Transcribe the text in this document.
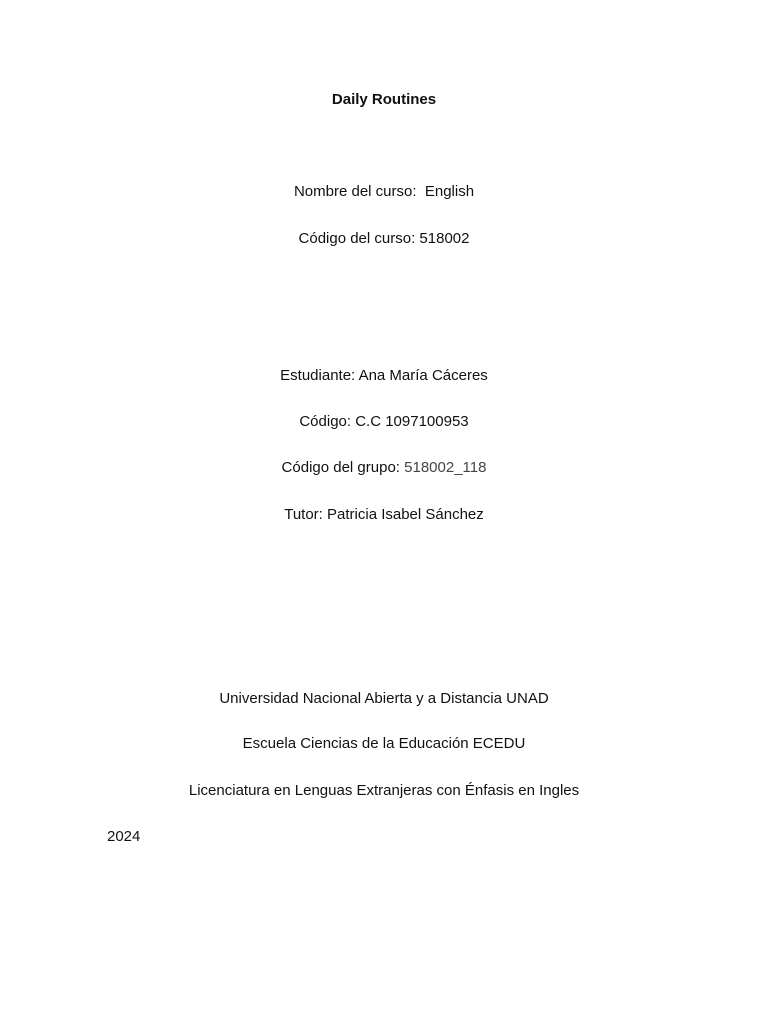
Daily Routines
Nombre del curso:  English
Código del curso: 518002
Estudiante: Ana María Cáceres
Código: C.C 1097100953
Código del grupo: 518002_118
Tutor: Patricia Isabel Sánchez
Universidad Nacional Abierta y a Distancia UNAD
Escuela Ciencias de la Educación ECEDU
Licenciatura en Lenguas Extranjeras con Énfasis en Ingles
2024
